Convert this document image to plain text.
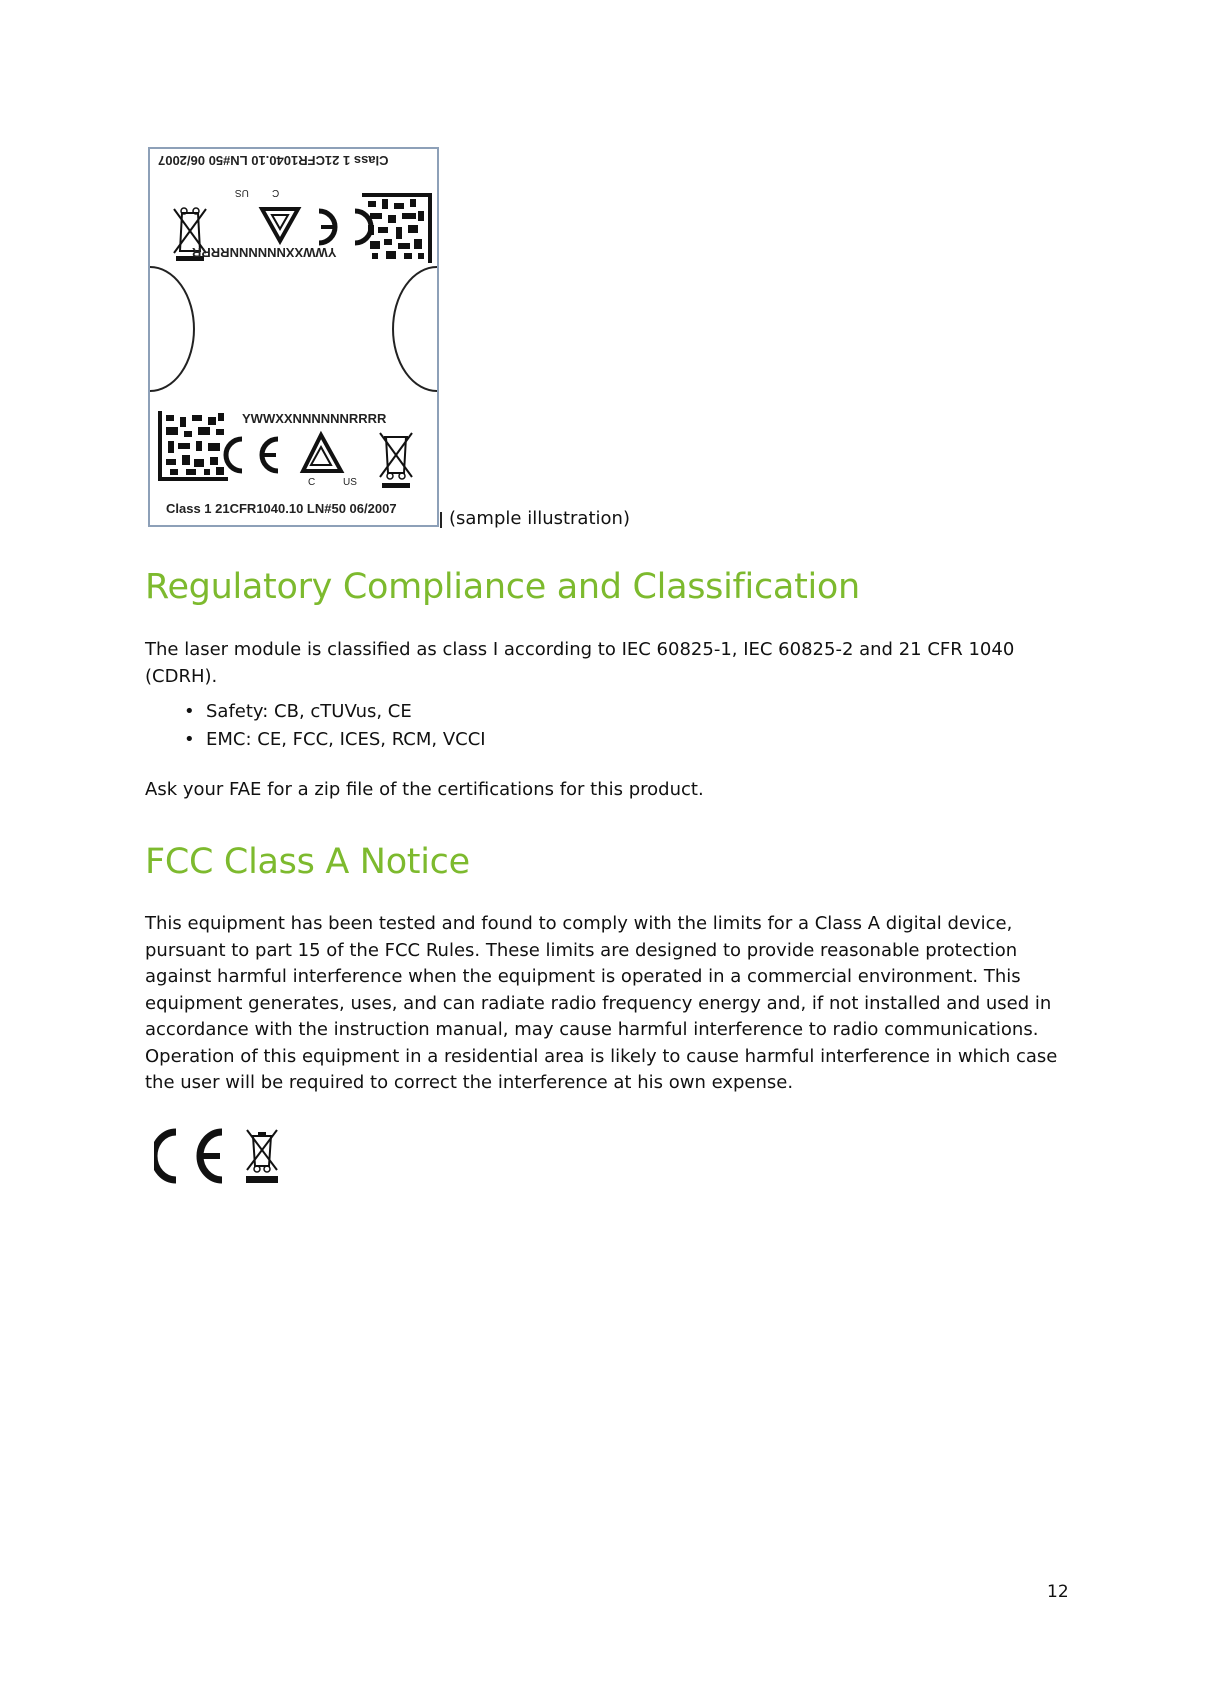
Class 1 21CFR1040.10 LN#50 06/2007
YWWXXNNNNNNRRRR
C
US
YWWXXNNNNNNRRRR
C	US
Class 1 21CFR1040.10 LN#50 06/2007	(sample illustration)
Regulatory Compliance and Classification

The laser module is classified as class I according to IEC 60825-1, IEC 60825-2 and 21 CFR 1040 (CDRH).

• Safety: CB, cTUVus, CE
• EMC: CE, FCC, ICES, RCM, VCCI

Ask your FAE for a zip file of the certifications for this product.

FCC Class A Notice

This equipment has been tested and found to comply with the limits for a Class A digital device, pursuant to part 15 of the FCC Rules. These limits are designed to provide reasonable protection against harmful interference when the equipment is operated in a commercial environment. This equipment generates, uses, and can radiate radio frequency energy and, if not installed and used in accordance with the instruction manual, may cause harmful interference to radio communications. Operation of this equipment in a residential area is likely to cause harmful interference in which case the user will be required to correct the interference at his own expense.

12
